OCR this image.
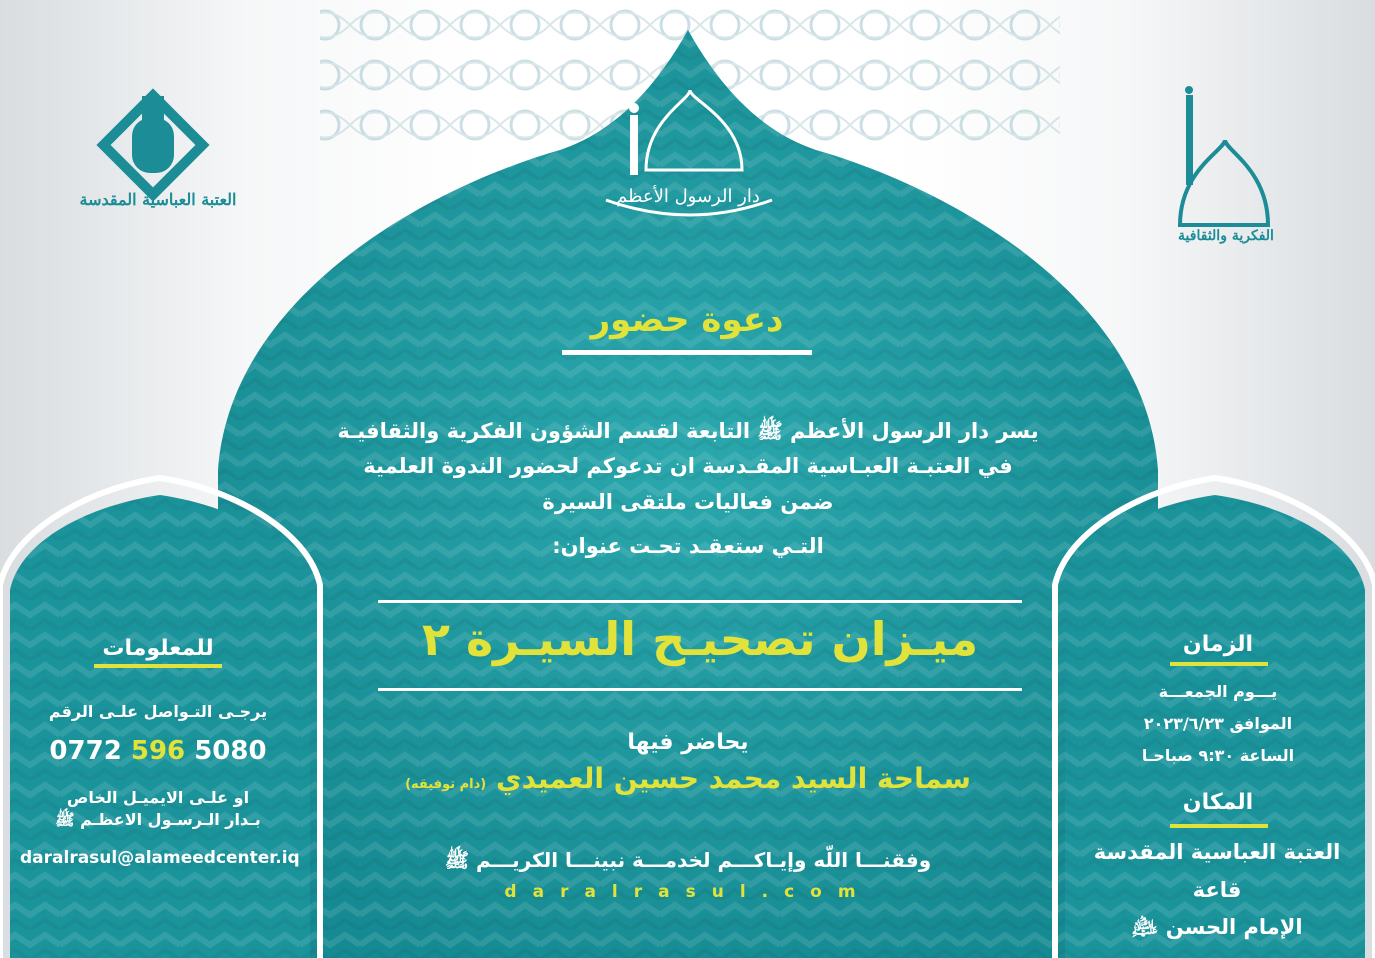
العتبة العباسية المقدسة	دار الرسول الأعظم
الفكرية والثقافية
دعوة حضور
يسر دار الرسول الأعظم ﷺ التابعة لقسم الشؤون الفكرية والثقافيـة
في العتبـة العبـاسية المقـدسة ان تدعوكم لحضور الندوة العلمية
ضمن فعاليات ملتقى السيرة
التـي ستعقـد تحـت عنوان:
ميـزان تصحيـح السيـرة ٢
يحاضر فيها
سماحة السيد محمد حسين العميدي (دام توفيقه)
وفقنـــا اللّه وإيـاكـــم لخدمـــة نبينـــا الكريـــم ﷺ
daralrasul.com
للمعلومات
يرجـى التـواصل علـى الرقم
0772 596 5080
او علـى الايميـل الخاص
بـدار الـرسـول الاعظـم ﷺ
daralrasul@alameedcenter.iq
الزمان
يـــوم الجمعـــة
الموافق ٢٠٢٣/٦/٢٣
الساعة ٩:٣٠ صباحـا
المكان
العتبة العباسية المقدسة
قاعة
الإمام الحسن ﵇
